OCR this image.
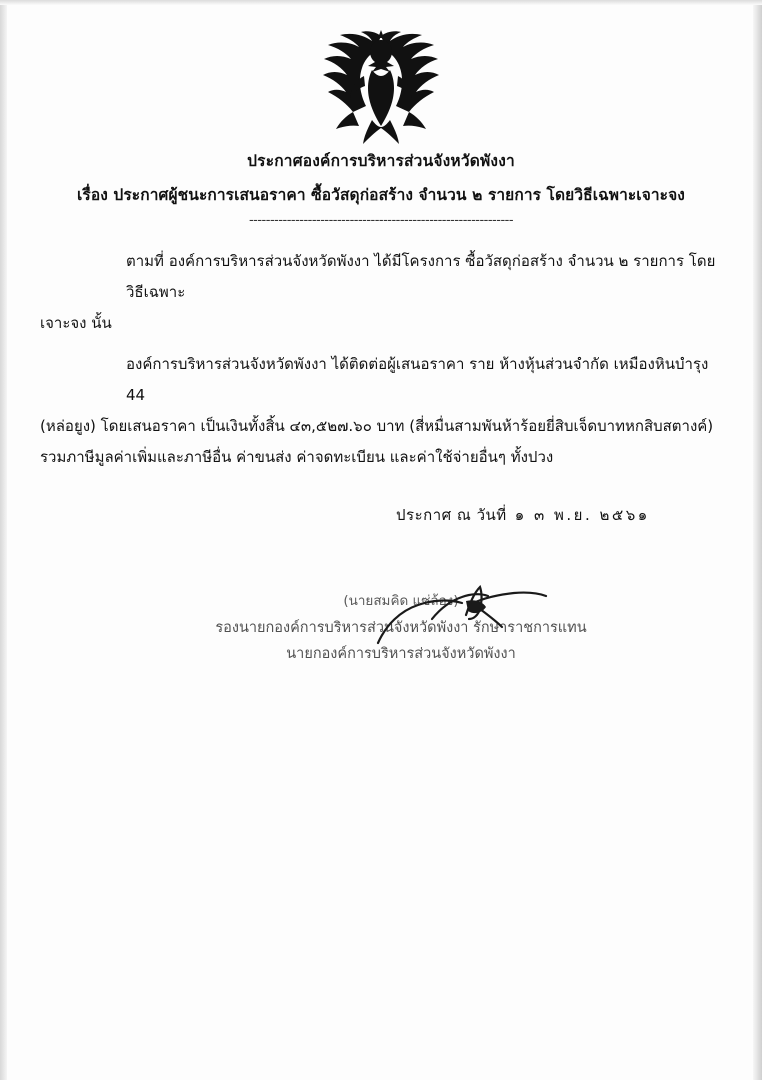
ประกาศองค์การบริหารส่วนจังหวัดพังงา
เรื่อง ประกาศผู้ชนะการเสนอราคา ซื้อวัสดุก่อสร้าง จำนวน ๒ รายการ โดยวิธีเฉพาะเจาะจง
---------------------------------------------------------------

ตามที่ องค์การบริหารส่วนจังหวัดพังงา ได้มีโครงการ ซื้อวัสดุก่อสร้าง จำนวน ๒ รายการ โดยวิธีเฉพาะ

เจาะจง นั้น

องค์การบริหารส่วนจังหวัดพังงา ได้ติดต่อผู้เสนอราคา ราย ห้างหุ้นส่วนจำกัด เหมืองหินบำรุง 44

(หล่อยูง) โดยเสนอราคา เป็นเงินทั้งสิ้น ๔๓,๕๒๗.๖๐ บาท (สี่หมื่นสามพันห้าร้อยยี่สิบเจ็ดบาทหกสิบสตางค์)

รวมภาษีมูลค่าเพิ่มและภาษีอื่น ค่าขนส่ง ค่าจดทะเบียน และค่าใช้จ่ายอื่นๆ ทั้งปวง

ประกาศ ณ วันที่ ๑ ๓ พ.ย. ๒๕๖๑
(นายสมคิด แซ่ล้อง)
รองนายกองค์การบริหารส่วนจังหวัดพังงา รักษาราชการแทน
นายกองค์การบริหารส่วนจังหวัดพังงา
